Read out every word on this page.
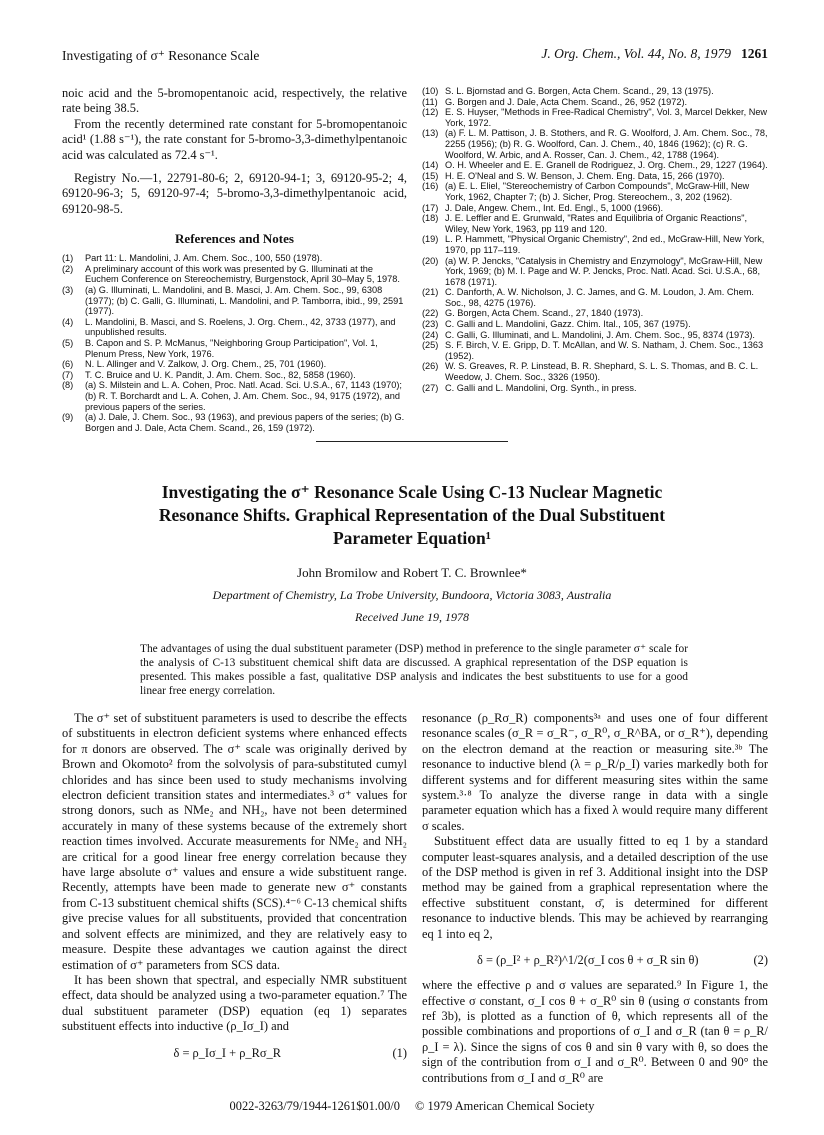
Investigating of σ⁺ Resonance Scale	J. Org. Chem., Vol. 44, No. 8, 1979 1261

noic acid and the 5-bromopentanoic acid, respectively, the relative rate being 38.5.

From the recently determined rate constant for 5-bromopentanoic acid¹ (1.88 s⁻¹), the rate constant for 5-bromo-3,3-dimethylpentanoic acid was calculated as 72.4 s⁻¹.

Registry No.—1, 22791-80-6; 2, 69120-94-1; 3, 69120-95-2; 4, 69120-96-3; 5, 69120-97-4; 5-bromo-3,3-dimethylpentanoic acid, 69120-98-5.

References and Notes

(1) Part 11: L. Mandolini, J. Am. Chem. Soc., 100, 550 (1978).

(2) A preliminary account of this work was presented by G. Illuminati at the Euchem Conference on Stereochemistry, Burgenstock, April 30–May 5, 1978.

(3) (a) G. Illuminati, L. Mandolini, and B. Masci, J. Am. Chem. Soc., 99, 6308 (1977); (b) C. Galli, G. Illuminati, L. Mandolini, and P. Tamborra, ibid., 99, 2591 (1977).

(4) L. Mandolini, B. Masci, and S. Roelens, J. Org. Chem., 42, 3733 (1977), and unpublished results.

(5) B. Capon and S. P. McManus, "Neighboring Group Participation", Vol. 1, Plenum Press, New York, 1976.

(6) N. L. Allinger and V. Zalkow, J. Org. Chem., 25, 701 (1960).

(7) T. C. Bruice and U. K. Pandit, J. Am. Chem. Soc., 82, 5858 (1960).

(8) (a) S. Milstein and L. A. Cohen, Proc. Natl. Acad. Sci. U.S.A., 67, 1143 (1970); (b) R. T. Borchardt and L. A. Cohen, J. Am. Chem. Soc., 94, 9175 (1972), and previous papers of the series.

(9) (a) J. Dale, J. Chem. Soc., 93 (1963), and previous papers of the series; (b) G. Borgen and J. Dale, Acta Chem. Scand., 26, 159 (1972).

(10) S. L. Bjornstad and G. Borgen, Acta Chem. Scand., 29, 13 (1975).

(11) G. Borgen and J. Dale, Acta Chem. Scand., 26, 952 (1972).

(12) E. S. Huyser, "Methods in Free-Radical Chemistry", Vol. 3, Marcel Dekker, New York, 1972.

(13) (a) F. L. M. Pattison, J. B. Stothers, and R. G. Woolford, J. Am. Chem. Soc., 78, 2255 (1956); (b) R. G. Woolford, Can. J. Chem., 40, 1846 (1962); (c) R. G. Woolford, W. Arbic, and A. Rosser, Can. J. Chem., 42, 1788 (1964).

(14) O. H. Wheeler and E. E. Granell de Rodriguez, J. Org. Chem., 29, 1227 (1964).

(15) H. E. O'Neal and S. W. Benson, J. Chem. Eng. Data, 15, 266 (1970).

(16) (a) E. L. Eliel, "Stereochemistry of Carbon Compounds", McGraw-Hill, New York, 1962, Chapter 7; (b) J. Sicher, Prog. Stereochem., 3, 202 (1962).

(17) J. Dale, Angew. Chem., Int. Ed. Engl., 5, 1000 (1966).

(18) J. E. Leffler and E. Grunwald, "Rates and Equilibria of Organic Reactions", Wiley, New York, 1963, pp 119 and 120.

(19) L. P. Hammett, "Physical Organic Chemistry", 2nd ed., McGraw-Hill, New York, 1970, pp 117–119.

(20) (a) W. P. Jencks, "Catalysis in Chemistry and Enzymology", McGraw-Hill, New York, 1969; (b) M. I. Page and W. P. Jencks, Proc. Natl. Acad. Sci. U.S.A., 68, 1678 (1971).

(21) C. Danforth, A. W. Nicholson, J. C. James, and G. M. Loudon, J. Am. Chem. Soc., 98, 4275 (1976).

(22) G. Borgen, Acta Chem. Scand., 27, 1840 (1973).

(23) C. Galli and L. Mandolini, Gazz. Chim. Ital., 105, 367 (1975).

(24) C. Galli, G. Illuminati, and L. Mandolini, J. Am. Chem. Soc., 95, 8374 (1973).

(25) S. F. Birch, V. E. Gripp, D. T. McAllan, and W. S. Natham, J. Chem. Soc., 1363 (1952).

(26) W. S. Greaves, R. P. Linstead, B. R. Shephard, S. L. S. Thomas, and B. C. L. Weedow, J. Chem. Soc., 3326 (1950).

(27) C. Galli and L. Mandolini, Org. Synth., in press.

Investigating the σ⁺ Resonance Scale Using C-13 Nuclear Magnetic Resonance Shifts. Graphical Representation of the Dual Substituent Parameter Equation¹
John Bromilow and Robert T. C. Brownlee*
Department of Chemistry, La Trobe University, Bundoora, Victoria 3083, Australia
Received June 19, 1978
The advantages of using the dual substituent parameter (DSP) method in preference to the single parameter σ⁺ scale for the analysis of C-13 substituent chemical shift data are discussed. A graphical representation of the DSP equation is presented. This makes possible a fast, qualitative DSP analysis and indicates the best substituents to use for a good linear free energy correlation.

The σ⁺ set of substituent parameters is used to describe the effects of substituents in electron deficient systems where enhanced effects for π donors are observed. The σ⁺ scale was originally derived by Brown and Okomoto² from the solvolysis of para-substituted cumyl chlorides and has since been used to study mechanisms involving electron deficient transition states and intermediates.³ σ⁺ values for strong donors, such as NMe₂ and NH₂, have not been determined accurately in many of these systems because of the extremely short reaction times involved. Accurate measurements for NMe₂ and NH₂ are critical for a good linear free energy correlation because they have large absolute σ⁺ values and ensure a wide substituent range. Recently, attempts have been made to generate new σ⁺ constants from C-13 substituent chemical shifts (SCS).⁴⁻⁶ C-13 chemical shifts give precise values for all substituents, provided that concentration and solvent effects are minimized, and they are relatively easy to measure. Despite these advantages we caution against the direct estimation of σ⁺ parameters from SCS data.

It has been shown that spectral, and especially NMR substituent effect, data should be analyzed using a two-parameter equation.⁷ The dual substituent parameter (DSP) equation (eq 1) separates substituent effects into inductive (ρ_Iσ_I) and

δ = ρ_Iσ_I + ρ_Rσ_R	(1)

resonance (ρ_Rσ_R) components³ᵃ and uses one of four different resonance scales (σ_R = σ_R⁻, σ_R⁰, σ_R^BA, or σ_R⁺), depending on the electron demand at the reaction or measuring site.³ᵇ The resonance to inductive blend (λ = ρ_R/ρ_I) varies markedly both for different systems and for different measuring sites within the same system.³·⁸ To analyze the diverse range in data with a single parameter equation which has a fixed λ would require many different σ scales.

Substituent effect data are usually fitted to eq 1 by a standard computer least-squares analysis, and a detailed description of the use of the DSP method is given in ref 3. Additional insight into the DSP method may be gained from a graphical representation where the effective substituent constant, σ̄, is determined for different resonance to inductive blends. This may be achieved by rearranging eq 1 into eq 2,

δ = (ρ_I² + ρ_R²)^1/2(σ_I cos θ + σ_R sin θ)	(2)

where the effective ρ and σ values are separated.⁹ In Figure 1, the effective σ constant, σ_I cos θ + σ_R⁰ sin θ (using σ constants from ref 3b), is plotted as a function of θ, which represents all of the possible combinations and proportions of σ_I and σ_R (tan θ = ρ_R/ρ_I = λ). Since the signs of cos θ and sin θ vary with θ, so does the sign of the contribution from σ_I and σ_R⁰. Between 0 and 90° the contributions from σ_I and σ_R⁰ are

0022-3263/79/1944-1261$01.00/0 © 1979 American Chemical Society
